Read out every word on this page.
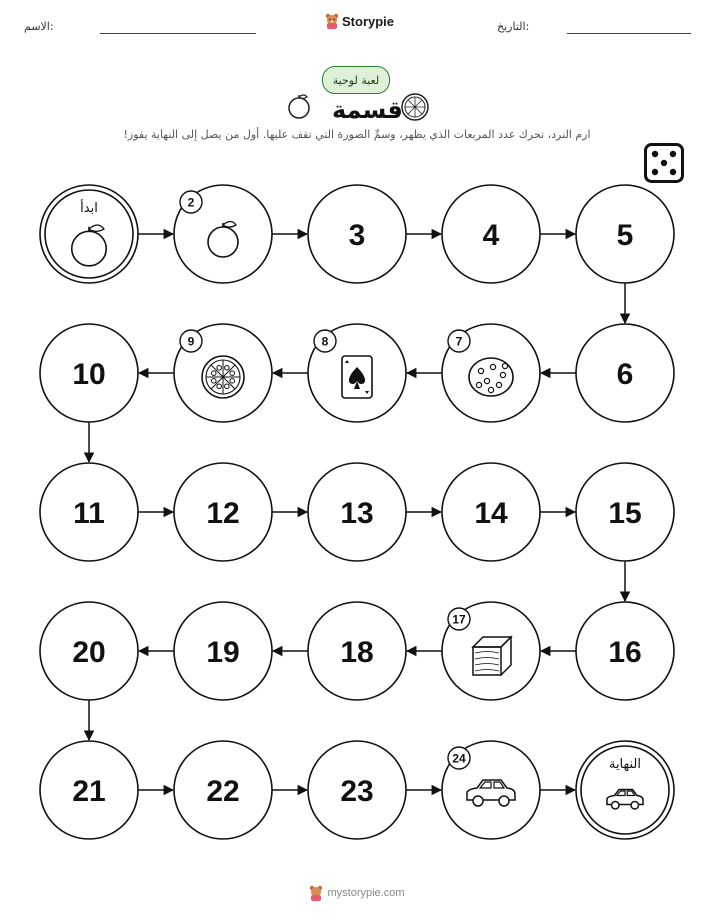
الاسم:	Storypie	التاريخ:
لعبة لوحية
قسمة
ارم النرد، تحرك عدد المربعات الذي يظهر، وسمِّ الصورة التي تقف عليها. أول من يصل إلى النهاية يفوز!
ابدأ	2
3	4	5
6
7
8
9
10
11	12	13	14	15
16
17
18
19
20
21	22	23
24	النهاية
mystorypie.com
